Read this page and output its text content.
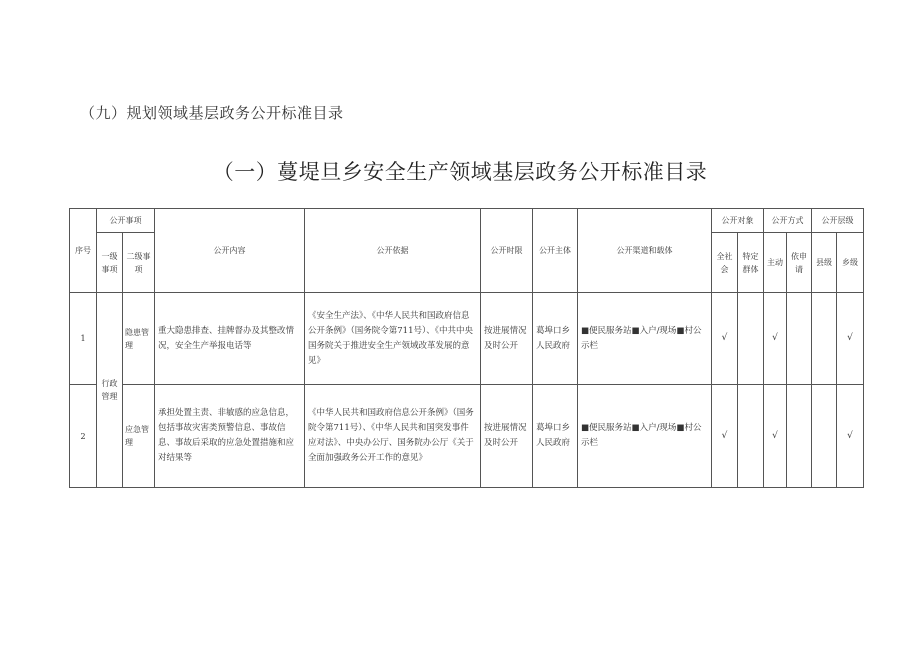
（九）规划领域基层政务公开标准目录
（一）蔓堤旦乡安全生产领域基层政务公开标准目录
序号	公开事项		公开内容	公开依据	公开时限	公开主体	公开渠道和载体	公开对象		公开方式		公开层级	
	一级事项	二级事项						全社会	特定群体	主动	依申请	县级	乡级
1	行政管理	隐患管理	重大隐患排查、挂牌督办及其整改情况，安全生产举报电话等	《安全生产法》、《中华人民共和国政府信息公开条例》（国务院令第711号）、《中共中央国务院关于推进安全生产领域改革发展的意见》	按进展情况及时公开	葛埠口乡人民政府	■便民服务站■入户/现场■村公示栏	√		√			√
2		应急管理	承担处置主责、非敏感的应急信息，包括事故灾害类预警信息、事故信息、事故后采取的应急处置措施和应对结果等	《中华人民共和国政府信息公开条例》（国务院令第711号）、《中华人民共和国突发事件应对法》、中央办公厅、国务院办公厅《关于全面加强政务公开工作的意见》	按进展情况及时公开	葛埠口乡人民政府	■便民服务站■入户/现场■村公示栏	√		√			√
